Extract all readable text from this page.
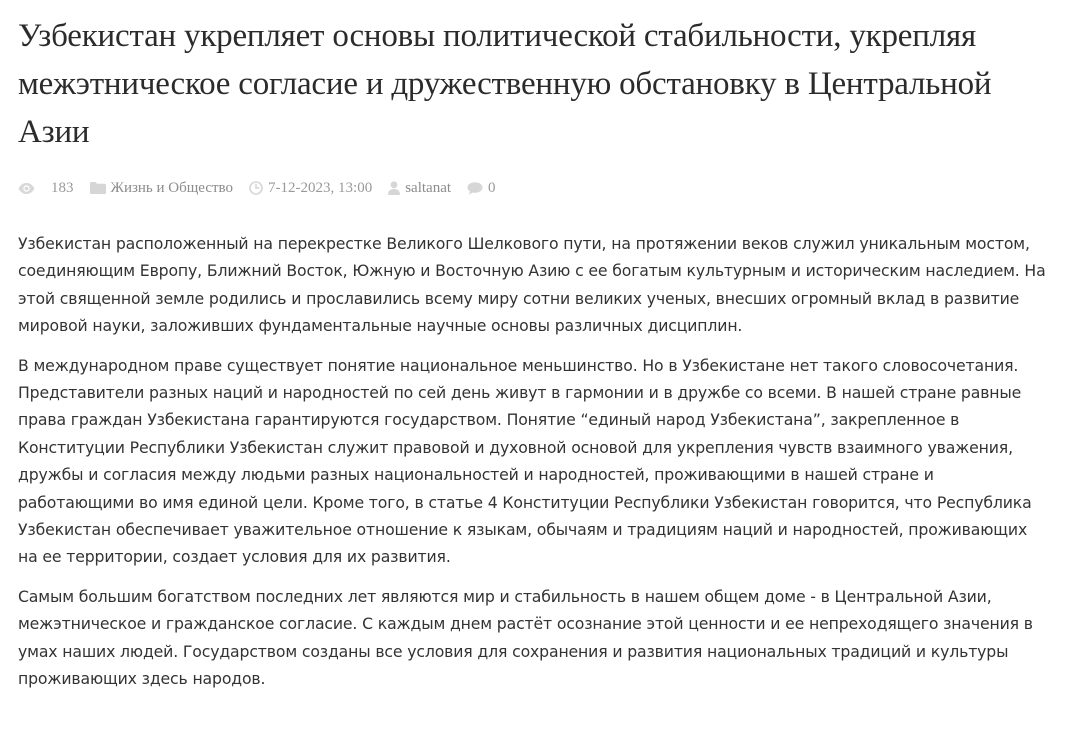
Узбекистан укрепляет основы политической стабильности, укрепляя межэтническое согласие и дружественную обстановку в Центральной Азии
183 Жизнь и Общество 7-12-2023, 13:00 saltanat 0

Узбекистан расположенный на перекрестке Великого Шелкового пути, на протяжении веков служил уникальным мостом, соединяющим Европу, Ближний Восток, Южную и Восточную Азию с ее богатым культурным и историческим наследием. На этой священной земле родились и прославились всему миру сотни великих ученых, внесших огромный вклад в развитие мировой науки, заложивших фундаментальные научные основы различных дисциплин.

В международном праве существует понятие национальное меньшинство. Но в Узбекистане нет такого словосочетания. Представители разных наций и народностей по сей день живут в гармонии и в дружбе со всеми. В нашей стране равные права граждан Узбекистана гарантируются государством. Понятие “единый народ Узбекистана”, закрепленное в Конституции Республики Узбекистан служит правовой и духовной основой для укрепления чувств взаимного уважения, дружбы и согласия между людьми разных национальностей и народностей, проживающими в нашей стране и работающими во имя единой цели. Кроме того, в статье 4 Конституции Республики Узбекистан говорится, что Республика Узбекистан обеспечивает уважительное отношение к языкам, обычаям и традициям наций и народностей, проживающих на ее территории, создает условия для их развития.

Самым большим богатством последних лет являются мир и стабильность в нашем общем доме - в Центральной Азии, межэтническое и гражданское согласие. С каждым днем растёт осознание этой ценности и ее непреходящего значения в умах наших людей. Государством созданы все условия для сохранения и развития национальных традиций и культуры проживающих здесь народов.
